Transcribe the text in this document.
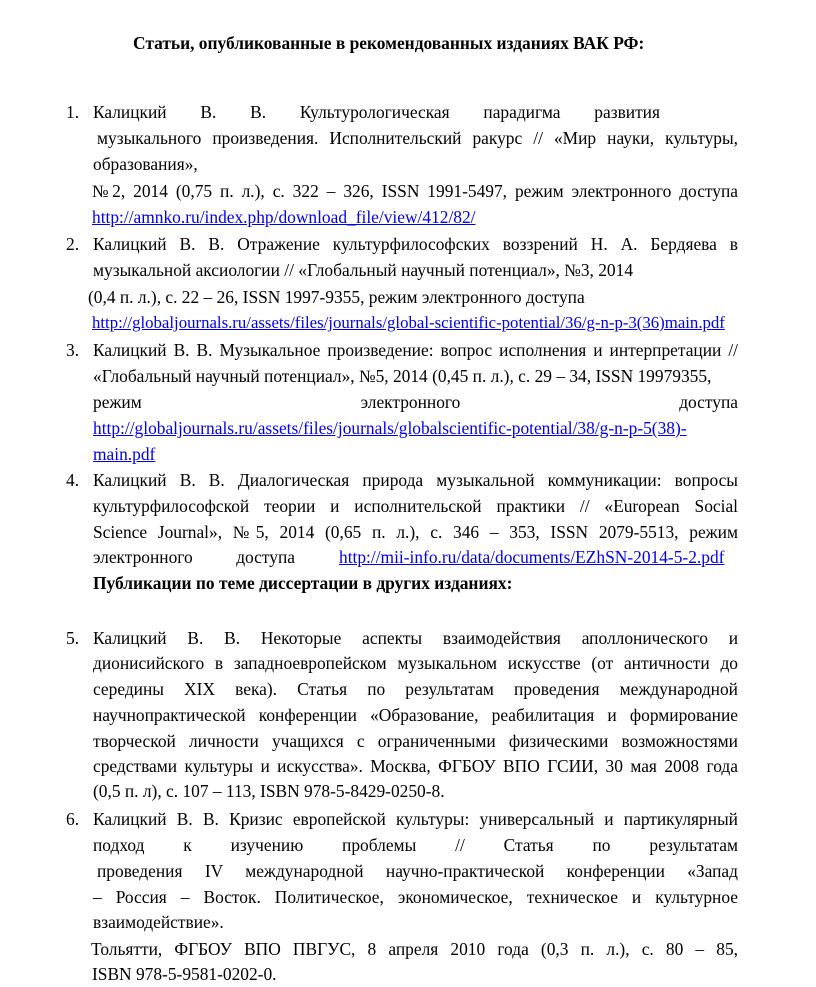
Статьи, опубликованные в рекомендованных изданиях ВАК РФ:
1. Калицкий В. В. Культурологическая парадигма развития
музыкального произведения. Исполнительский ракурс // «Мир науки, культуры,
образования»,
№2, 2014 (0,75 п. л.), с. 322 – 326, ISSN 1991-5497, режим электронного доступа
http://amnko.ru/index.php/download_file/view/412/82/
2. Калицкий В. В. Отражение культурфилософских воззрений Н. А. Бердяева в
музыкальной аксиологии // «Глобальный научный потенциал», №3, 2014
(0,4 п. л.), с. 22 – 26, ISSN 1997-9355, режим электронного доступа
http://globaljournals.ru/assets/files/journals/global-scientific-potential/36/g-n-p-3(36)main.pdf
3. Калицкий В. В. Музыкальное произведение: вопрос исполнения и интерпретации //
«Глобальный научный потенциал», №5, 2014 (0,45 п. л.), с. 29 – 34, ISSN 19979355,
режим электронного доступа
http://globaljournals.ru/assets/files/journals/globalscientific-potential/38/g-n-p-5(38)-
main.pdf
4. Калицкий В. В. Диалогическая природа музыкальной коммуникации: вопросы
культурфилософской теории и исполнительской практики // «European Social
Science Journal», №5, 2014 (0,65 п. л.), с. 346 – 353, ISSN 2079-5513, режим
электронного доступа	http://mii-info.ru/data/documents/EZhSN-2014-5-2.pdf
Публикации по теме диссертации в других изданиях:
5. Калицкий В. В. Некоторые аспекты взаимодействия аполлонического и
дионисийского в западноевропейском музыкальном искусстве (от античности до
середины XIX века). Статья по результатам проведения международной
научнопрактической конференции «Образование, реабилитация и формирование
творческой личности учащихся с ограниченными физическими возможностями
средствами культуры и искусства». Москва, ФГБОУ ВПО ГСИИ, 30 мая 2008 года
(0,5 п. л), с. 107 – 113, ISBN 978-5-8429-0250-8.
6. Калицкий В. В. Кризис европейской культуры: универсальный и партикулярный
подход к изучению проблемы // Статья по результатам
проведения IV международной научно-практической конференции «Запад
– Россия – Восток. Политическое, экономическое, техническое и культурное
взаимодействие».
Тольятти, ФГБОУ ВПО ПВГУС, 8 апреля 2010 года (0,3 п. л.), с. 80 – 85,
ISBN 978-5-9581-0202-0.
